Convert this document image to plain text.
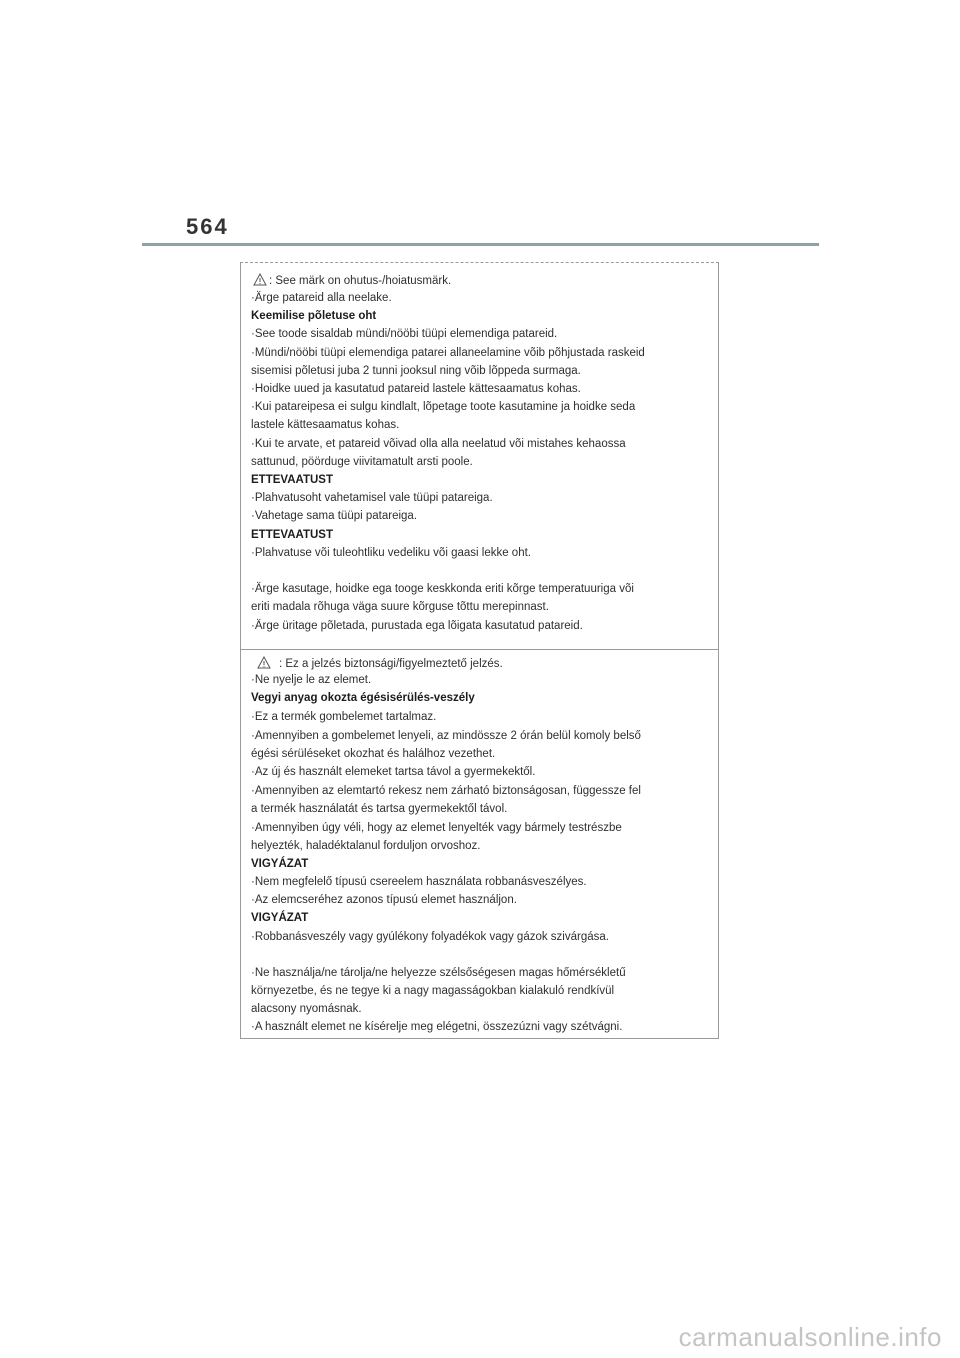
564
: See märk on ohutus-/hoiatusmärk.
·Ärge patareid alla neelake.
Keemilise põletuse oht
·See toode sisaldab mündi/nööbi tüüpi elemendiga patareid.
·Mündi/nööbi tüüpi elemendiga patarei allaneelamine võib põhjustada raskeid
sisemisi põletusi juba 2 tunni jooksul ning võib lõppeda surmaga.
·Hoidke uued ja kasutatud patareid lastele kättesaamatus kohas.
·Kui patareipesa ei sulgu kindlalt, lõpetage toote kasutamine ja hoidke seda
lastele kättesaamatus kohas.
·Kui te arvate, et patareid võivad olla alla neelatud või mistahes kehaossa
sattunud, pöörduge viivitamatult arsti poole.
ETTEVAATUST
·Plahvatusoht vahetamisel vale tüüpi patareiga.
·Vahetage sama tüüpi patareiga.
ETTEVAATUST
·Plahvatuse või tuleohtliku vedeliku või gaasi lekke oht.
·Ärge kasutage, hoidke ega tooge keskkonda eriti kõrge temperatuuriga või
eriti madala rõhuga väga suure kõrguse tõttu merepinnast.
·Ärge üritage põletada, purustada ega lõigata kasutatud patareid.
: Ez a jelzés biztonsági/figyelmeztető jelzés.
·Ne nyelje le az elemet.
Vegyi anyag okozta égésisérülés-veszély
·Ez a termék gombelemet tartalmaz.
·Amennyiben a gombelemet lenyeli, az mindössze 2 órán belül komoly belső
égési sérüléseket okozhat és halálhoz vezethet.
·Az új és használt elemeket tartsa távol a gyermekektől.
·Amennyiben az elemtartó rekesz nem zárható biztonságosan, függessze fel
a termék használatát és tartsa gyermekektől távol.
·Amennyiben úgy véli, hogy az elemet lenyelték vagy bármely testrészbe
helyezték, haladéktalanul forduljon orvoshoz.
VIGYÁZAT
·Nem megfelelő típusú csereelem használata robbanásveszélyes.
·Az elemcseréhez azonos típusú elemet használjon.
VIGYÁZAT
·Robbanásveszély vagy gyúlékony folyadékok vagy gázok szivárgása.
·Ne használja/ne tárolja/ne helyezze szélsőségesen magas hőmérsékletű
környezetbe, és ne tegye ki a nagy magasságokban kialakuló rendkívül
alacsony nyomásnak.
·A használt elemet ne kísérelje meg elégetni, összezúzni vagy szétvágni.
carmanualsonline.info
